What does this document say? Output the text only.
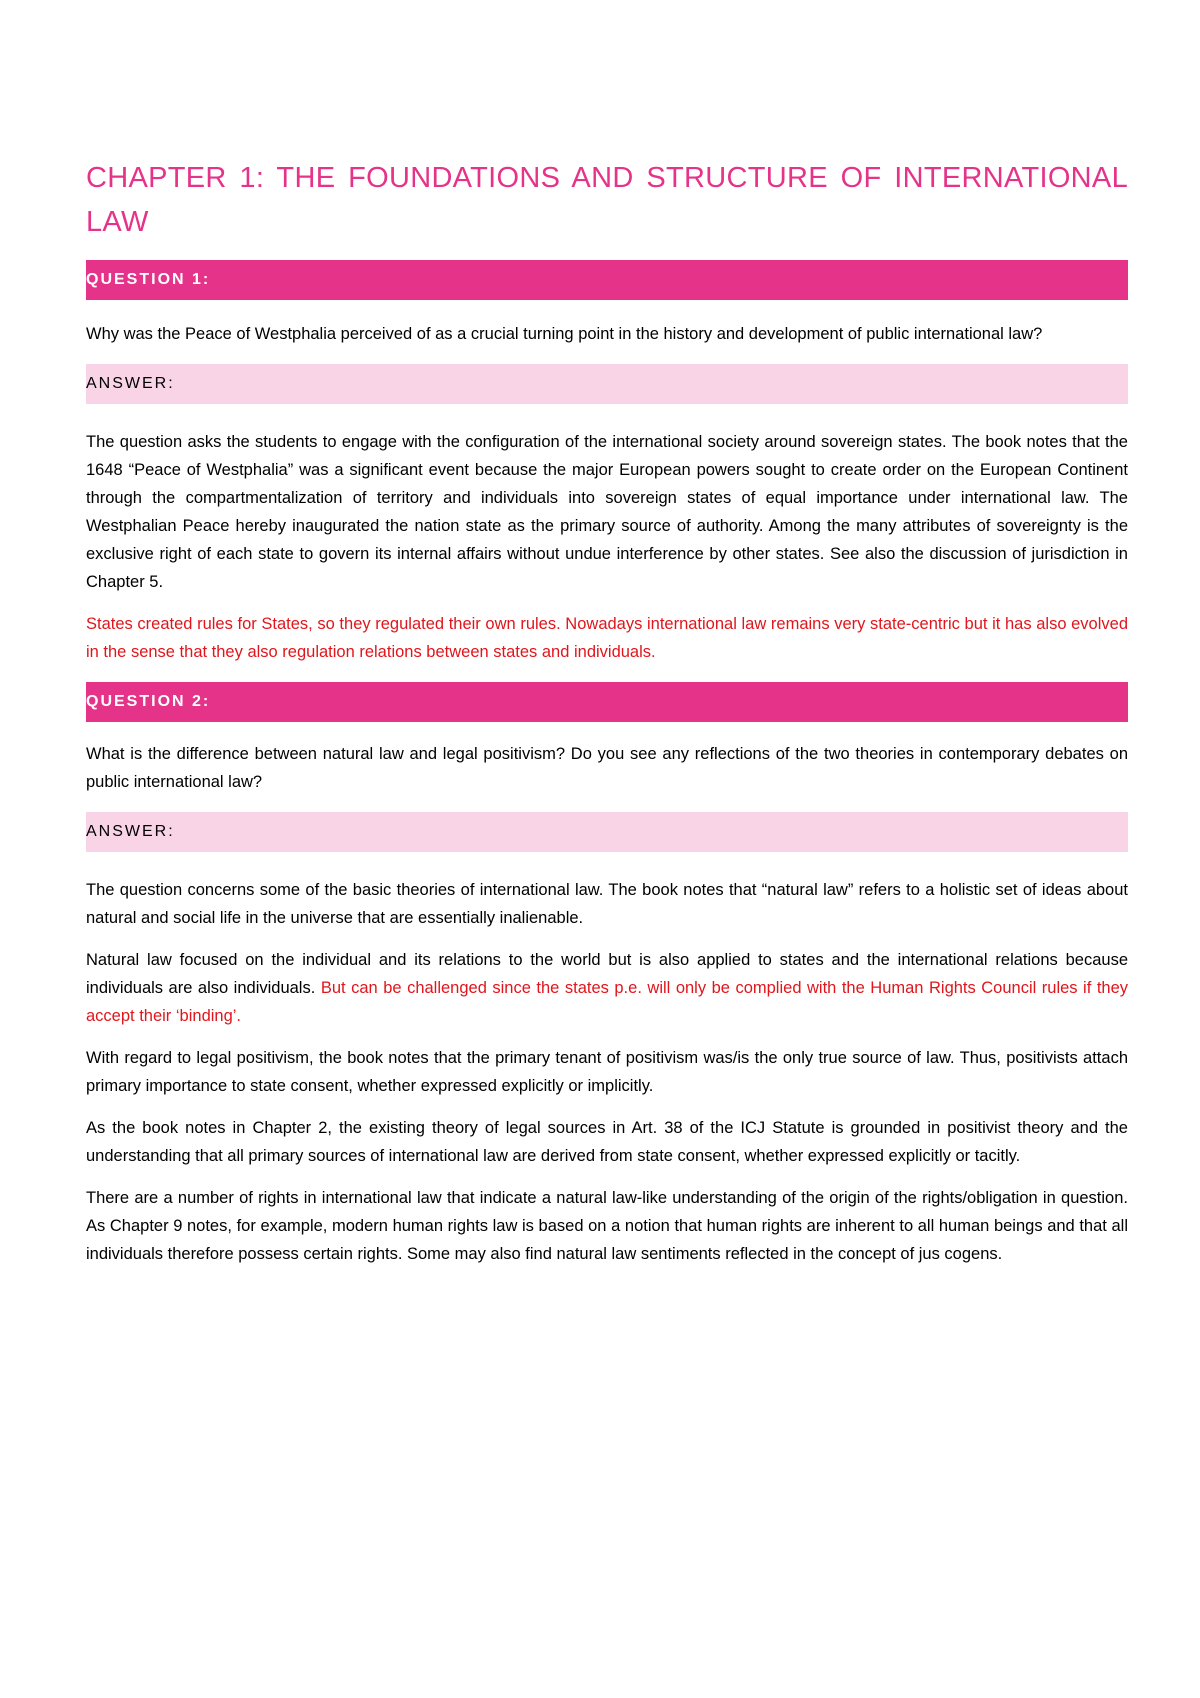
CHAPTER 1: THE FOUNDATIONS AND STRUCTURE OF INTERNATIONAL LAW
QUESTION 1:

Why was the Peace of Westphalia perceived of as a crucial turning point in the history and development of public international law?

ANSWER:

The question asks the students to engage with the configuration of the international society around sovereign states. The book notes that the 1648 “Peace of Westphalia” was a significant event because the major European powers sought to create order on the European Continent through the compartmentalization of territory and individuals into sovereign states of equal importance under international law. The Westphalian Peace hereby inaugurated the nation state as the primary source of authority. Among the many attributes of sovereignty is the exclusive right of each state to govern its internal affairs without undue interference by other states. See also the discussion of jurisdiction in Chapter 5.

States created rules for States, so they regulated their own rules. Nowadays international law remains very state-centric but it has also evolved in the sense that they also regulation relations between states and individuals.

QUESTION 2:

What is the difference between natural law and legal positivism? Do you see any reflections of the two theories in contemporary debates on public international law?

ANSWER:

The question concerns some of the basic theories of international law. The book notes that “natural law” refers to a holistic set of ideas about natural and social life in the universe that are essentially inalienable.

Natural law focused on the individual and its relations to the world but is also applied to states and the international relations because individuals are also individuals. But can be challenged since the states p.e. will only be complied with the Human Rights Council rules if they accept their ‘binding’.

With regard to legal positivism, the book notes that the primary tenant of positivism was/is the only true source of law. Thus, positivists attach primary importance to state consent, whether expressed explicitly or implicitly.

As the book notes in Chapter 2, the existing theory of legal sources in Art. 38 of the ICJ Statute is grounded in positivist theory and the understanding that all primary sources of international law are derived from state consent, whether expressed explicitly or tacitly.

There are a number of rights in international law that indicate a natural law-like understanding of the origin of the rights/obligation in question. As Chapter 9 notes, for example, modern human rights law is based on a notion that human rights are inherent to all human beings and that all individuals therefore possess certain rights. Some may also find natural law sentiments reflected in the concept of jus cogens.
